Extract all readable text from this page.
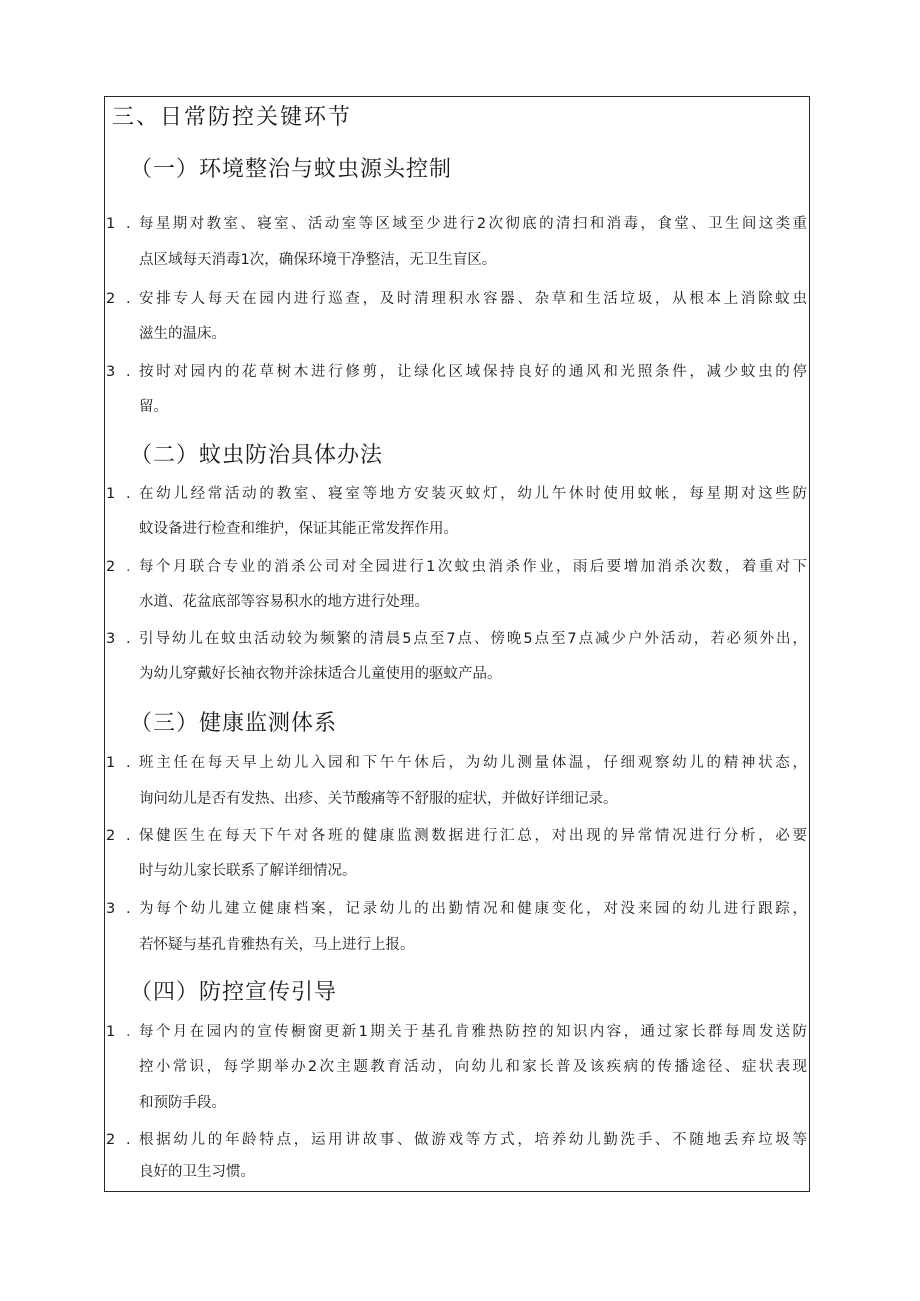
三、日常防控关键环节
（一）环境整治与蚊虫源头控制
1 . 每星期对教室、寝室、活动室等区域至少进行2次彻底的清扫和消毒，食堂、卫生间这类重
点区域每天消毒1次，确保环境干净整洁，无卫生盲区。
2 . 安排专人每天在园内进行巡查，及时清理积水容器、杂草和生活垃圾，从根本上消除蚊虫
滋生的温床。
3 . 按时对园内的花草树木进行修剪，让绿化区域保持良好的通风和光照条件，减少蚊虫的停
留。
（二）蚊虫防治具体办法
1 . 在幼儿经常活动的教室、寝室等地方安装灭蚊灯，幼儿午休时使用蚊帐，每星期对这些防
蚊设备进行检查和维护，保证其能正常发挥作用。
2 . 每个月联合专业的消杀公司对全园进行1次蚊虫消杀作业，雨后要增加消杀次数，着重对下
水道、花盆底部等容易积水的地方进行处理。
3 . 引导幼儿在蚊虫活动较为频繁的清晨5点至7点、傍晚5点至7点减少户外活动，若必须外出，
为幼儿穿戴好长袖衣物并涂抹适合儿童使用的驱蚊产品。
（三）健康监测体系
1 . 班主任在每天早上幼儿入园和下午午休后，为幼儿测量体温，仔细观察幼儿的精神状态，
询问幼儿是否有发热、出疹、关节酸痛等不舒服的症状，并做好详细记录。
2 . 保健医生在每天下午对各班的健康监测数据进行汇总，对出现的异常情况进行分析，必要
时与幼儿家长联系了解详细情况。
3 . 为每个幼儿建立健康档案，记录幼儿的出勤情况和健康变化，对没来园的幼儿进行跟踪，
若怀疑与基孔肯雅热有关，马上进行上报。
（四）防控宣传引导
1 . 每个月在园内的宣传橱窗更新1期关于基孔肯雅热防控的知识内容，通过家长群每周发送防
控小常识，每学期举办2次主题教育活动，向幼儿和家长普及该疾病的传播途径、症状表现
和预防手段。
2 . 根据幼儿的年龄特点，运用讲故事、做游戏等方式，培养幼儿勤洗手、不随地丢弃垃圾等
良好的卫生习惯。
